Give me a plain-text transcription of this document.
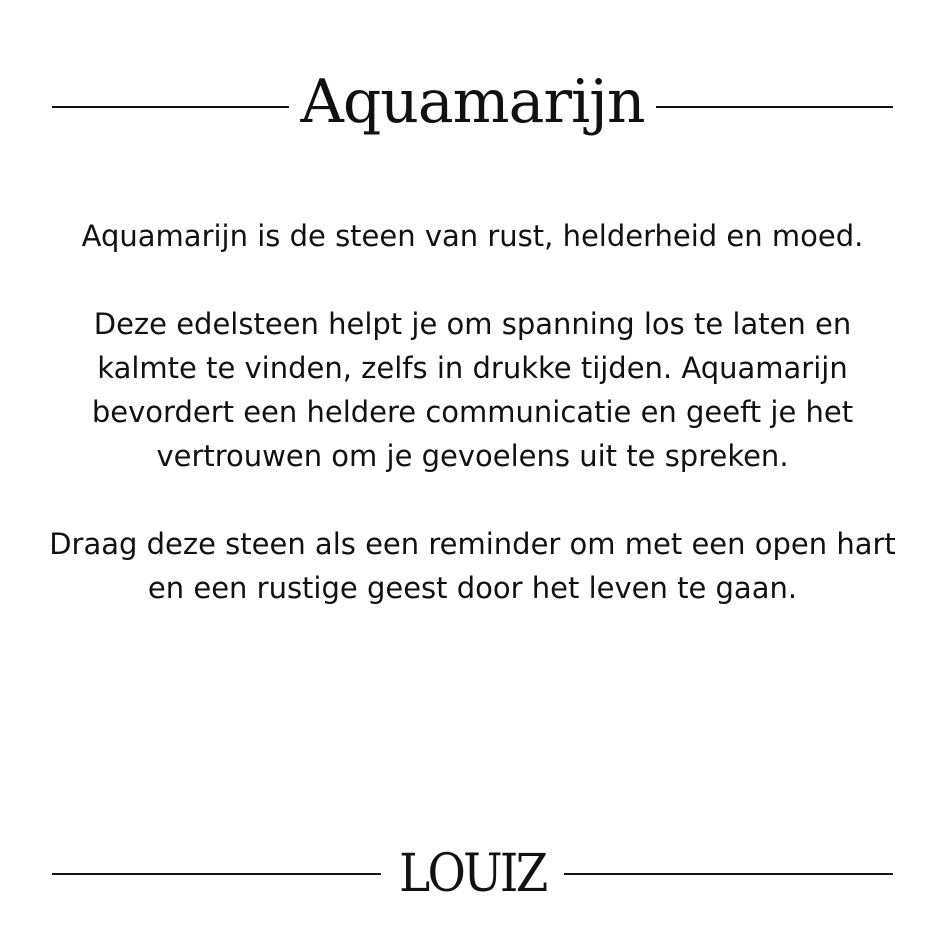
Aquamarijn

Aquamarijn is de steen van rust, helderheid en moed.

Deze edelsteen helpt je om spanning los te laten en kalmte te vinden, zelfs in drukke tijden. Aquamarijn bevordert een heldere communicatie en geeft je het vertrouwen om je gevoelens uit te spreken.

Draag deze steen als een reminder om met een open hart en een rustige geest door het leven te gaan.

LOUIZ
